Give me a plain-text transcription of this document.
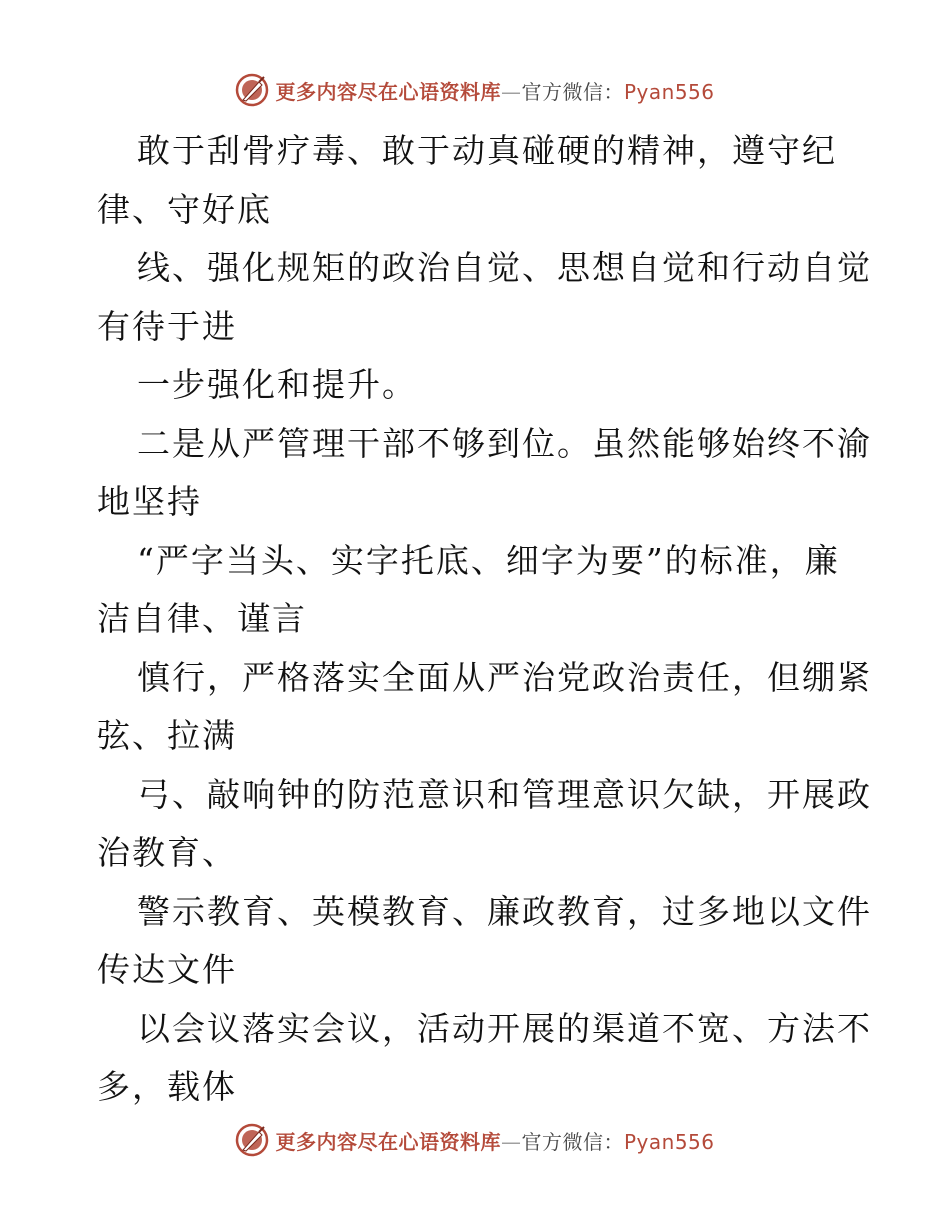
更多内容尽在心语资料库—官方微信：Pyan556
敢于刮骨疗毒、敢于动真碰硬的精神，遵守纪
律、守好底
线、强化规矩的政治自觉、思想自觉和行动自觉
有待于进
一步强化和提升。
二是从严管理干部不够到位。虽然能够始终不渝
地坚持
“严字当头、实字托底、细字为要”的标准，廉
洁自律、谨言
慎行，严格落实全面从严治党政治责任，但绷紧
弦、拉满
弓、敲响钟的防范意识和管理意识欠缺，开展政
治教育、
警示教育、英模教育、廉政教育，过多地以文件
传达文件
以会议落实会议，活动开展的渠道不宽、方法不
多，载体
更多内容尽在心语资料库—官方微信：Pyan556
